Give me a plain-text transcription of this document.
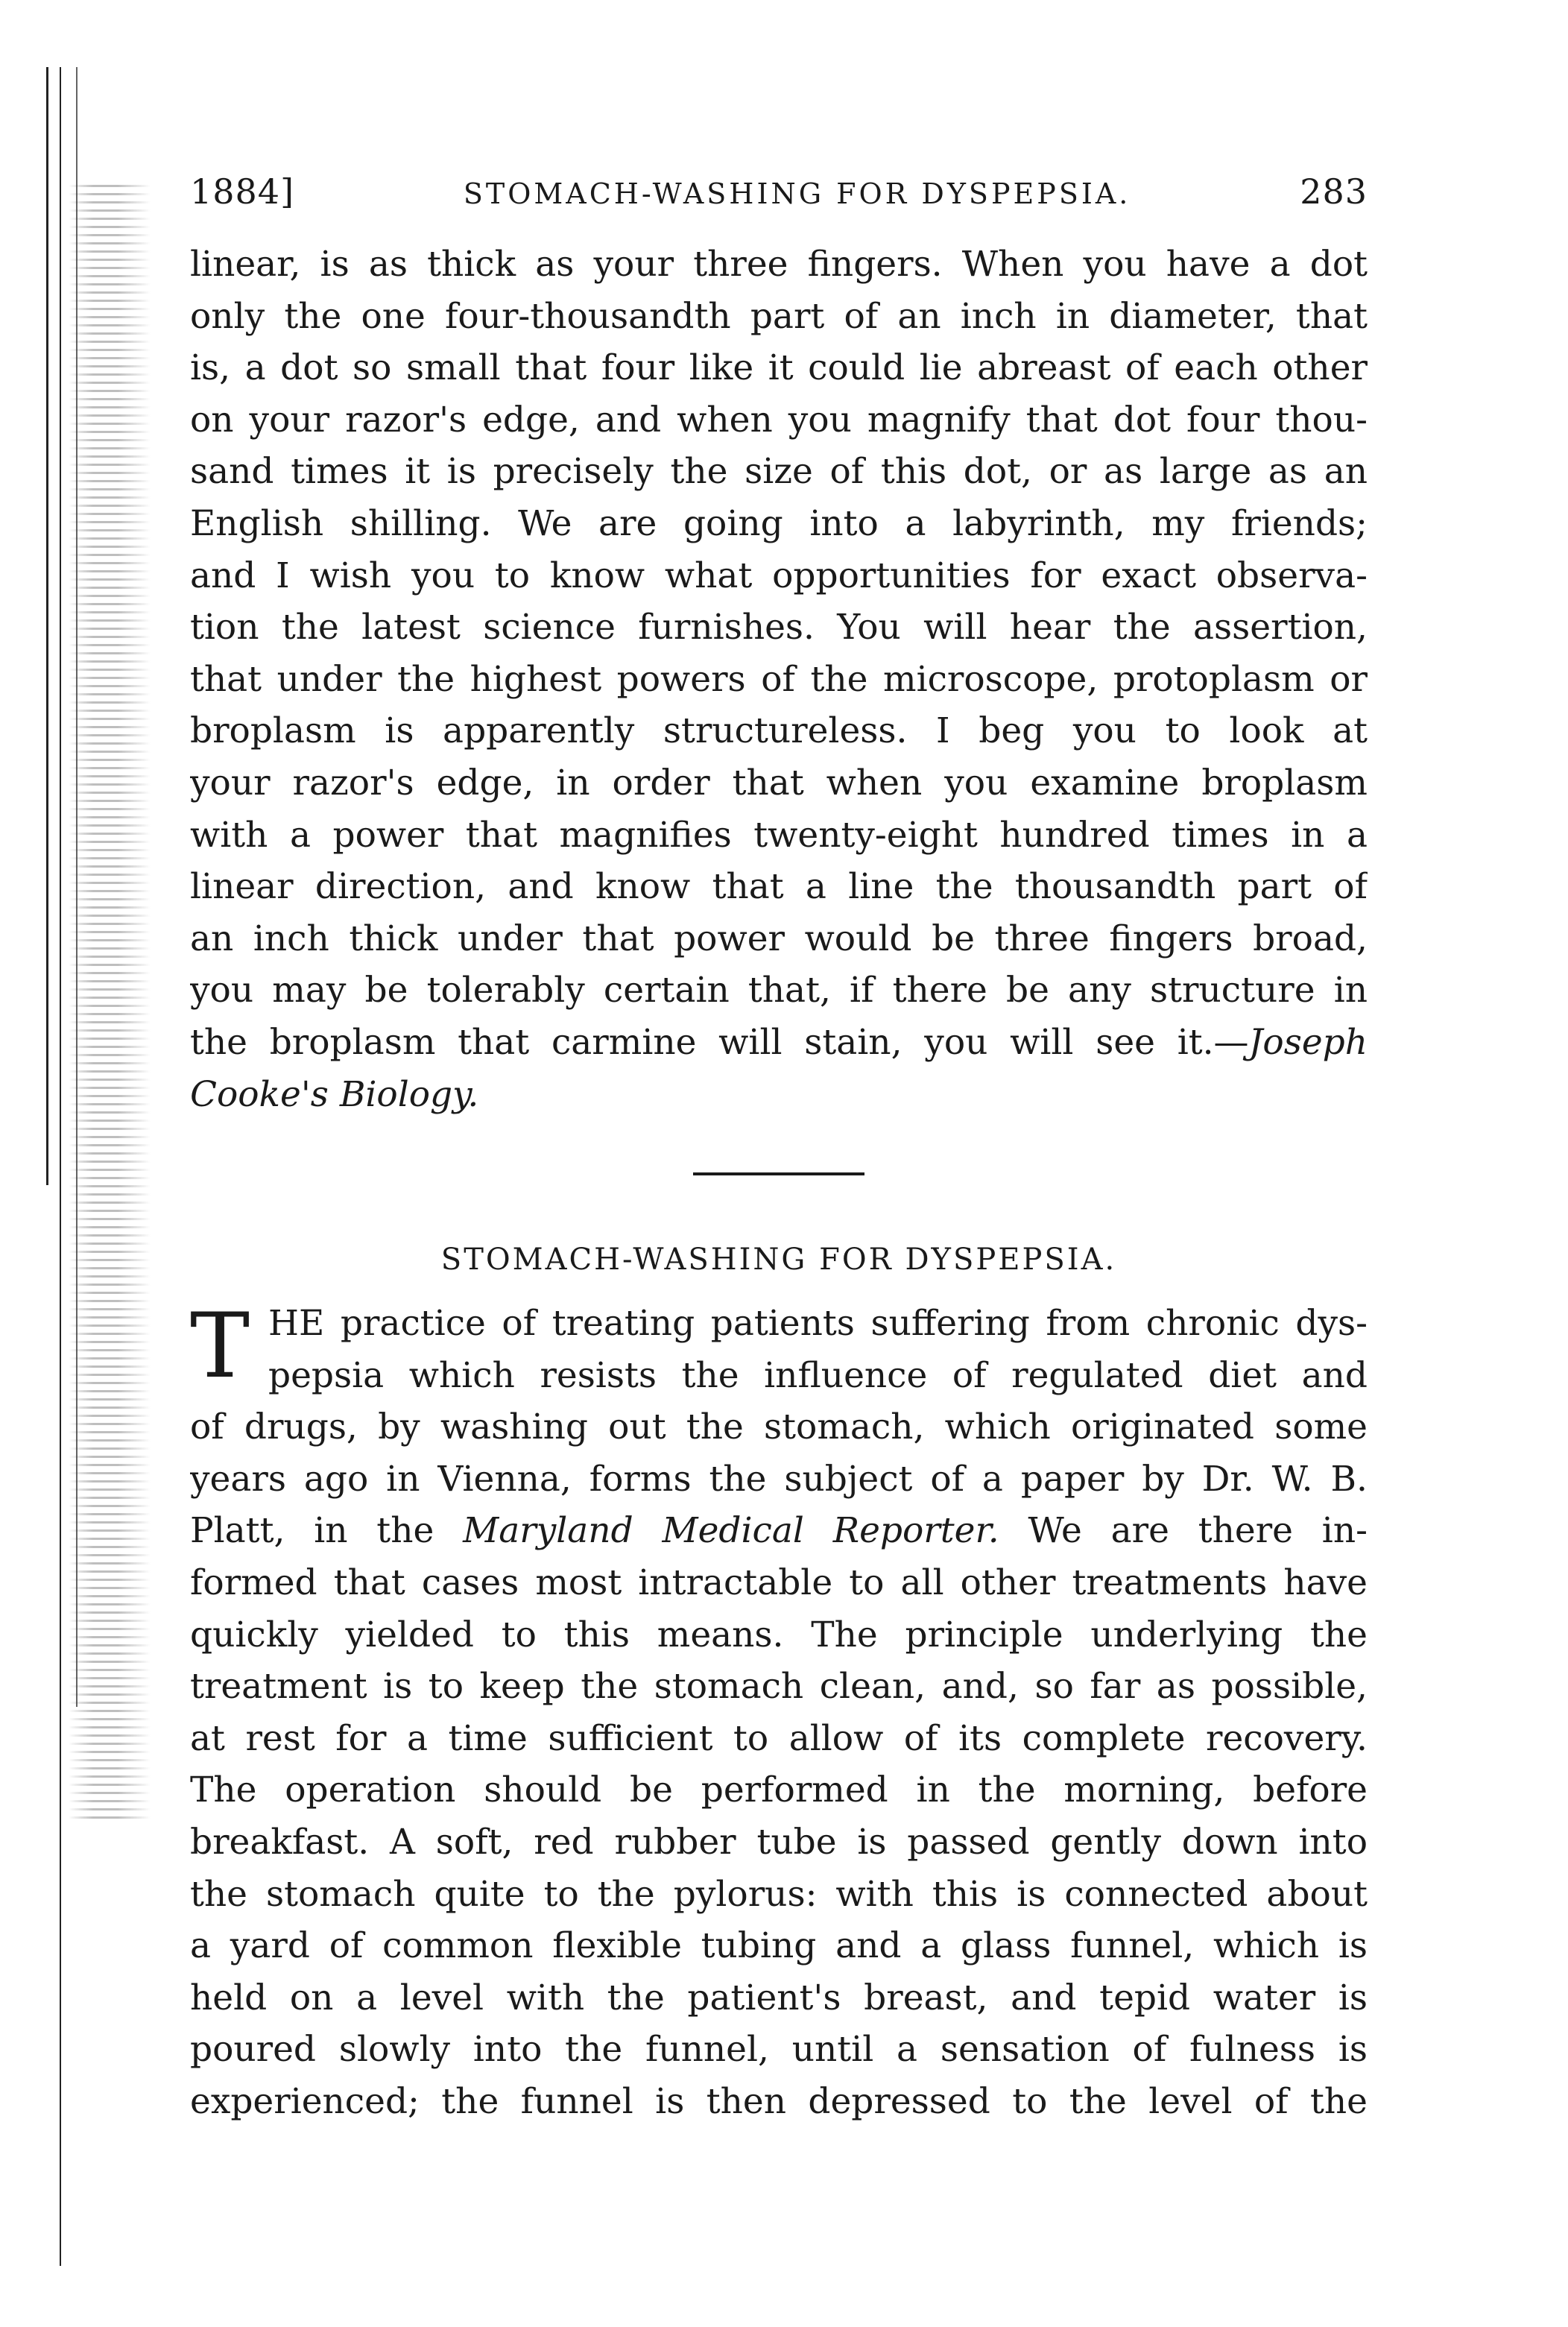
1884]	STOMACH-WASHING FOR DYSPEPSIA.	283
linear, is as thick as your three fingers. When you have a dot
only the one four-thousandth part of an inch in diameter, that
is, a dot so small that four like it could lie abreast of each other
on your razor's edge, and when you magnify that dot four thou-
sand times it is precisely the size of this dot, or as large as an
English shilling. We are going into a labyrinth, my friends;
and I wish you to know what opportunities for exact observa-
tion the latest science furnishes. You will hear the assertion,
that under the highest powers of the microscope, protoplasm or
broplasm is apparently structureless. I beg you to look at
your razor's edge, in order that when you examine broplasm
with a power that magnifies twenty-eight hundred times in a
linear direction, and know that a line the thousandth part of
an inch thick under that power would be three fingers broad,
you may be tolerably certain that, if there be any structure in
the broplasm that carmine will stain, you will see it.—Joseph
Cooke's Biology.
STOMACH-WASHING FOR DYSPEPSIA.
T HE practice of treating patients suffering from chronic dys-
pepsia which resists the influence of regulated diet and
of drugs, by washing out the stomach, which originated some
years ago in Vienna, forms the subject of a paper by Dr. W. B.
Platt, in the Maryland Medical Reporter. We are there in-
formed that cases most intractable to all other treatments have
quickly yielded to this means. The principle underlying the
treatment is to keep the stomach clean, and, so far as possible,
at rest for a time sufficient to allow of its complete recovery.
The operation should be performed in the morning, before
breakfast. A soft, red rubber tube is passed gently down into
the stomach quite to the pylorus: with this is connected about
a yard of common flexible tubing and a glass funnel, which is
held on a level with the patient's breast, and tepid water is
poured slowly into the funnel, until a sensation of fulness is
experienced; the funnel is then depressed to the level of the
